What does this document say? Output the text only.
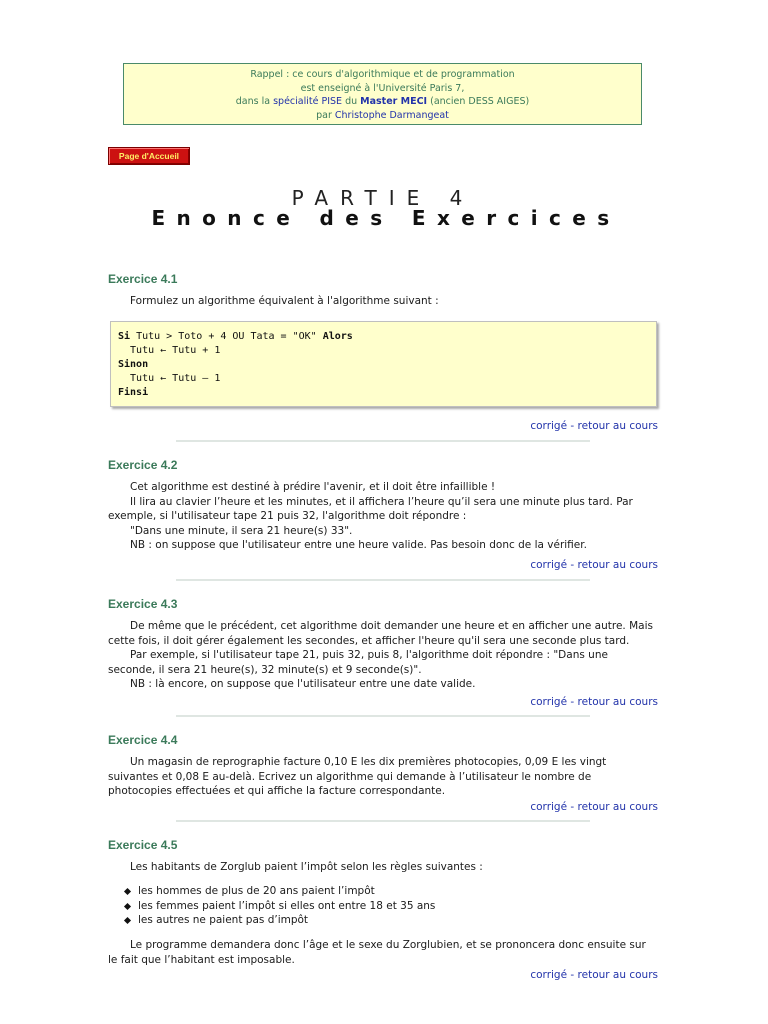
Rappel : ce cours d'algorithmique et de programmation
est enseigné à l'Université Paris 7,
dans la spécialité PISE du Master MECI (ancien DESS AIGES)
par Christophe Darmangeat
Page d'Accueil
PARTIE 4
Enonce des Exercices
Exercice 4.1

Formulez un algorithme équivalent à l'algorithme suivant :

Si Tutu > Toto + 4 OU Tata = "OK" Alors
Tutu ← Tutu + 1
Sinon
Tutu ← Tutu – 1
Finsi
corrigé - retour au cours
Exercice 4.2

Cet algorithme est destiné à prédire l'avenir, et il doit être infaillible !

Il lira au clavier l’heure et les minutes, et il affichera l’heure qu’il sera une minute plus tard. Par exemple, si l'utilisateur tape 21 puis 32, l'algorithme doit répondre :

"Dans une minute, il sera 21 heure(s) 33".

NB : on suppose que l'utilisateur entre une heure valide. Pas besoin donc de la vérifier.

corrigé - retour au cours
Exercice 4.3

De même que le précédent, cet algorithme doit demander une heure et en afficher une autre. Mais cette fois, il doit gérer également les secondes, et afficher l'heure qu'il sera une seconde plus tard.

Par exemple, si l'utilisateur tape 21, puis 32, puis 8, l'algorithme doit répondre : "Dans une seconde, il sera 21 heure(s), 32 minute(s) et 9 seconde(s)".

NB : là encore, on suppose que l'utilisateur entre une date valide.

corrigé - retour au cours
Exercice 4.4

Un magasin de reprographie facture 0,10 E les dix premières photocopies, 0,09 E les vingt suivantes et 0,08 E au-delà. Ecrivez un algorithme qui demande à l’utilisateur le nombre de photocopies effectuées et qui affiche la facture correspondante.

corrigé - retour au cours
Exercice 4.5

Les habitants de Zorglub paient l’impôt selon les règles suivantes :

les hommes de plus de 20 ans paient l’impôt
les femmes paient l’impôt si elles ont entre 18 et 35 ans
les autres ne paient pas d’impôt

Le programme demandera donc l’âge et le sexe du Zorglubien, et se prononcera donc ensuite sur le fait que l’habitant est imposable.

corrigé - retour au cours
